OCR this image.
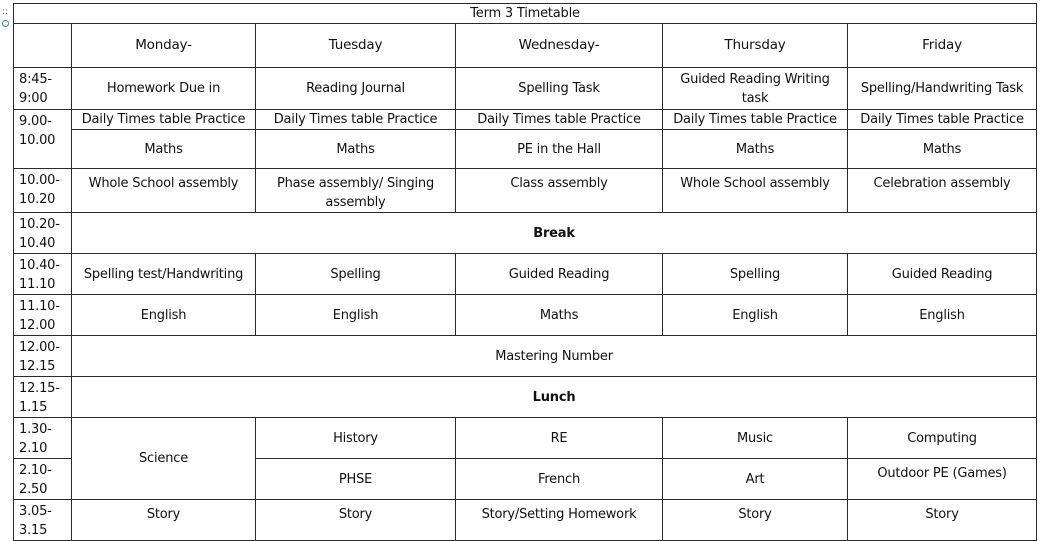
::	Term 3 Timetable					
	Monday-	Tuesday	Wednesday-	Thursday	Friday
8:45-
9:00	Homework Due in	Reading Journal	Spelling Task	Guided Reading Writing task	Spelling/Handwriting Task
9.00-
10.00	Daily Times table Practice	Daily Times table Practice	Daily Times table Practice	Daily Times table Practice	Daily Times table Practice
	Maths	Maths	PE in the Hall	Maths	Maths
10.00-
10.20	Whole School assembly	Phase assembly/ Singing assembly	Class assembly	Whole School assembly	Celebration assembly
10.20-
10.40	Break				
10.40-
11.10	Spelling test/Handwriting	Spelling	Guided Reading	Spelling	Guided Reading
11.10-
12.00	English	English	Maths	English	English
12.00-
12.15	Mastering Number				
12.15-
1.15	Lunch				
1.30-
2.10	Science	History	RE	Music	Computing
2.10-
2.50		PHSE	French	Art	Outdoor PE (Games)
3.05-
3.15	Story	Story	Story/Setting Homework	Story	Story
